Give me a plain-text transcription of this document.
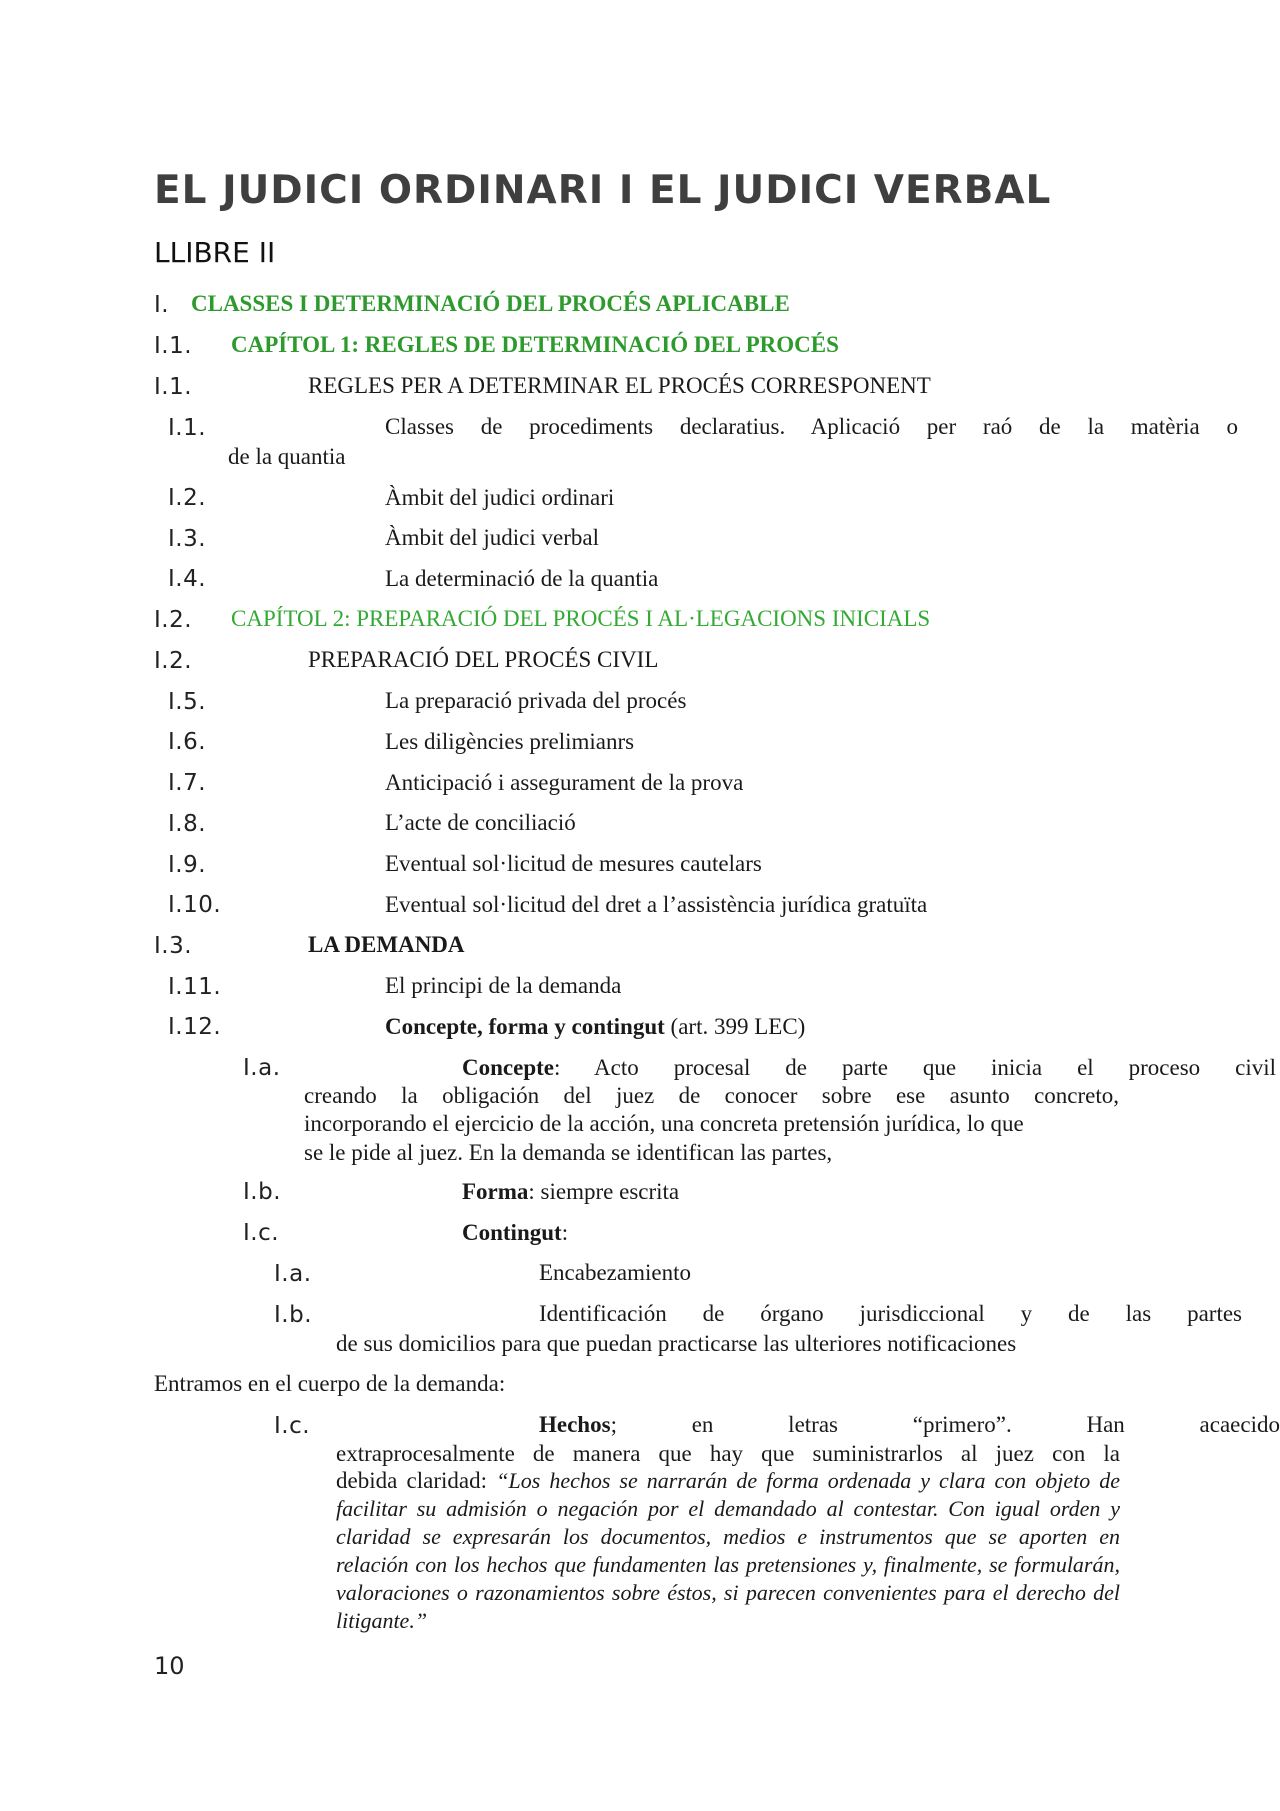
EL JUDICI ORDINARI I EL JUDICI VERBAL
LLIBRE II
I. CLASSES I DETERMINACIÓ DEL PROCÉS APLICABLE
I.1. CAPÍTOL 1: REGLES DE DETERMINACIÓ DEL PROCÉS
I.1.	REGLES PER A DETERMINAR EL PROCÉS CORRESPONENT
I.1.	Classes de procediments declaratius. Aplicació per raó de la matèria o
de la quantia
I.2.	Àmbit del judici ordinari
I.3.	Àmbit del judici verbal
I.4.	La determinació de la quantia
I.2. CAPÍTOL 2: PREPARACIÓ DEL PROCÉS I AL·LEGACIONS INICIALS
I.2.	PREPARACIÓ DEL PROCÉS CIVIL
I.5.	La preparació privada del procés
I.6.	Les diligències prelimianrs
I.7.	Anticipació i assegurament de la prova
I.8.	L’acte de conciliació
I.9.	Eventual sol·licitud de mesures cautelars
I.10.	Eventual sol·licitud del dret a l’assistència jurídica gratuïta
I.3.	LA DEMANDA
I.11.	El principi de la demanda
I.12.	Concepte, forma y contingut (art. 399 LEC)
I.a.	Concepte: Acto procesal de parte que inicia el proceso civil
creando la obligación del juez de conocer sobre ese asunto concreto,
incorporando el ejercicio de la acción, una concreta pretensión jurídica, lo que
se le pide al juez. En la demanda se identifican las partes,
I.b.	Forma: siempre escrita
I.c.	Contingut:
I.a.	Encabezamiento
I.b.	Identificación de órgano jurisdiccional y de las partes
de sus domicilios para que puedan practicarse las ulteriores notificaciones
Entramos en el cuerpo de la demanda:
I.c.	Hechos; en letras “primero”. Han acaecido
extraprocesalmente de manera que hay que suministrarlos al juez con la
debida claridad: “Los hechos se narrarán de forma ordenada y clara con objeto de facilitar su admisión o negación por el demandado al contestar. Con igual orden y claridad se expresarán los documentos, medios e instrumentos que se aporten en relación con los hechos que fundamenten las pretensiones y, finalmente, se formularán, valoraciones o razonamientos sobre éstos, si parecen convenientes para el derecho del litigante.”
10
